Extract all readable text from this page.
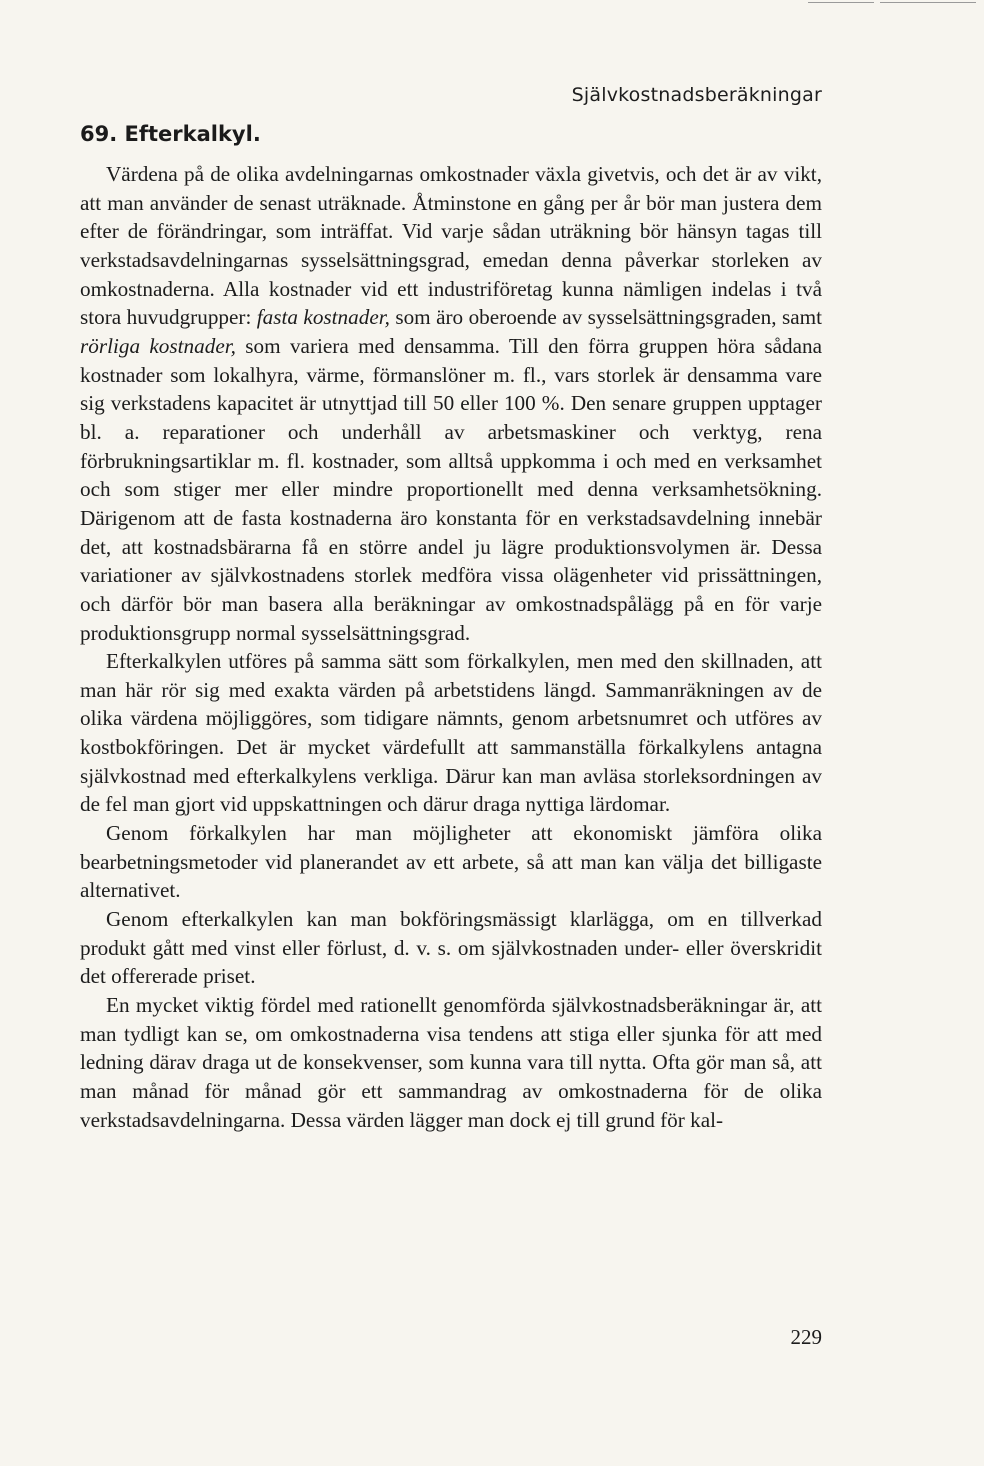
Självkostnadsberäkningar
69. Efterkalkyl.

Värdena på de olika avdelningarnas omkostnader växla givetvis, och det är av vikt, att man använder de senast uträknade. Åtminstone en gång per år bör man justera dem efter de förändringar, som inträffat. Vid varje sådan uträkning bör hänsyn tagas till verkstadsavdelningarnas sysselsättningsgrad, emedan denna påverkar storleken av omkostnaderna. Alla kostnader vid ett industriföretag kunna nämligen indelas i två stora huvudgrupper: fasta kostnader, som äro oberoende av sysselsättningsgraden, samt rörliga kostnader, som variera med densamma. Till den förra gruppen höra sådana kostnader som lokalhyra, värme, förmanslöner m. fl., vars storlek är densamma vare sig verkstadens kapacitet är utnyttjad till 50 eller 100 %. Den senare gruppen upptager bl. a. reparationer och underhåll av arbetsmaskiner och verktyg, rena förbrukningsartiklar m. fl. kostnader, som alltså uppkomma i och med en verksamhet och som stiger mer eller mindre proportionellt med denna verksamhetsökning. Därigenom att de fasta kostnaderna äro konstanta för en verkstadsavdelning innebär det, att kostnadsbärarna få en större andel ju lägre produktionsvolymen är. Dessa variationer av självkostnadens storlek medföra vissa olägenheter vid prissättningen, och därför bör man basera alla beräkningar av omkostnadspålägg på en för varje produktionsgrupp normal sysselsättningsgrad.

Efterkalkylen utföres på samma sätt som förkalkylen, men med den skillnaden, att man här rör sig med exakta värden på arbetstidens längd. Sammanräkningen av de olika värdena möjliggöres, som tidigare nämnts, genom arbetsnumret och utföres av kostbokföringen. Det är mycket värdefullt att sammanställa förkalkylens antagna självkostnad med efterkalkylens verkliga. Därur kan man avläsa storleksordningen av de fel man gjort vid uppskattningen och därur draga nyttiga lärdomar.

Genom förkalkylen har man möjligheter att ekonomiskt jämföra olika bearbetningsmetoder vid planerandet av ett arbete, så att man kan välja det billigaste alternativet.

Genom efterkalkylen kan man bokföringsmässigt klarlägga, om en tillverkad produkt gått med vinst eller förlust, d. v. s. om självkostnaden under- eller överskridit det offererade priset.

En mycket viktig fördel med rationellt genomförda självkostnadsberäkningar är, att man tydligt kan se, om omkostnaderna visa tendens att stiga eller sjunka för att med ledning därav draga ut de konsekvenser, som kunna vara till nytta. Ofta gör man så, att man månad för månad gör ett sammandrag av omkostnaderna för de olika verkstadsavdelningarna. Dessa värden lägger man dock ej till grund för kal-

229
